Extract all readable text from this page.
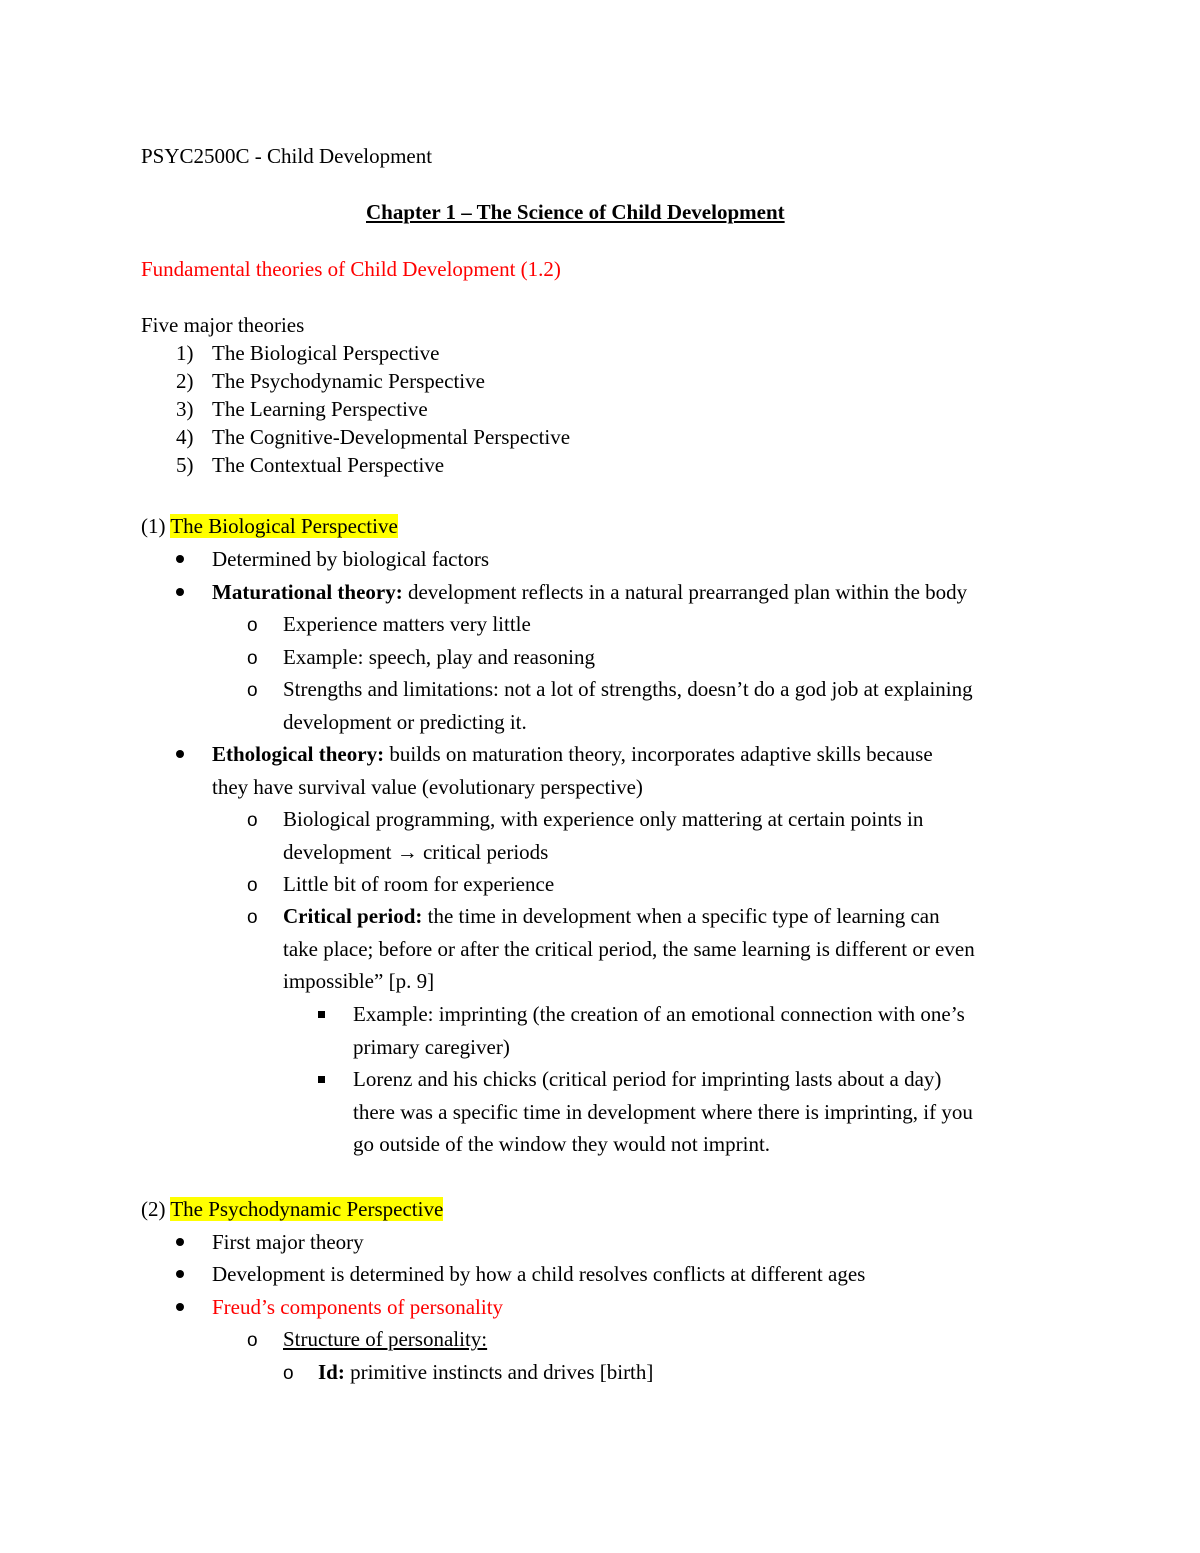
PSYC2500C - Child Development
Chapter 1 – The Science of Child Development
Fundamental theories of Child Development (1.2)
Five major theories
1) The Biological Perspective
2) The Psychodynamic Perspective
3) The Learning Perspective
4) The Cognitive-Developmental Perspective
5) The Contextual Perspective
(1) The Biological Perspective
Determined by biological factors
Maturational theory: development reflects in a natural prearranged plan within the body
o Experience matters very little
o Example: speech, play and reasoning
o Strengths and limitations: not a lot of strengths, doesn’t do a god job at explaining
development or predicting it.
Ethological theory: builds on maturation theory, incorporates adaptive skills because
they have survival value (evolutionary perspective)
o Biological programming, with experience only mattering at certain points in
development → critical periods
o Little bit of room for experience
o Critical period: the time in development when a specific type of learning can
take place; before or after the critical period, the same learning is different or even
impossible” [p. 9]
Example: imprinting (the creation of an emotional connection with one’s
primary caregiver)
Lorenz and his chicks (critical period for imprinting lasts about a day)
there was a specific time in development where there is imprinting, if you
go outside of the window they would not imprint.
(2) The Psychodynamic Perspective
First major theory
Development is determined by how a child resolves conflicts at different ages
Freud’s components of personality
o Structure of personality:
o Id: primitive instincts and drives [birth]
